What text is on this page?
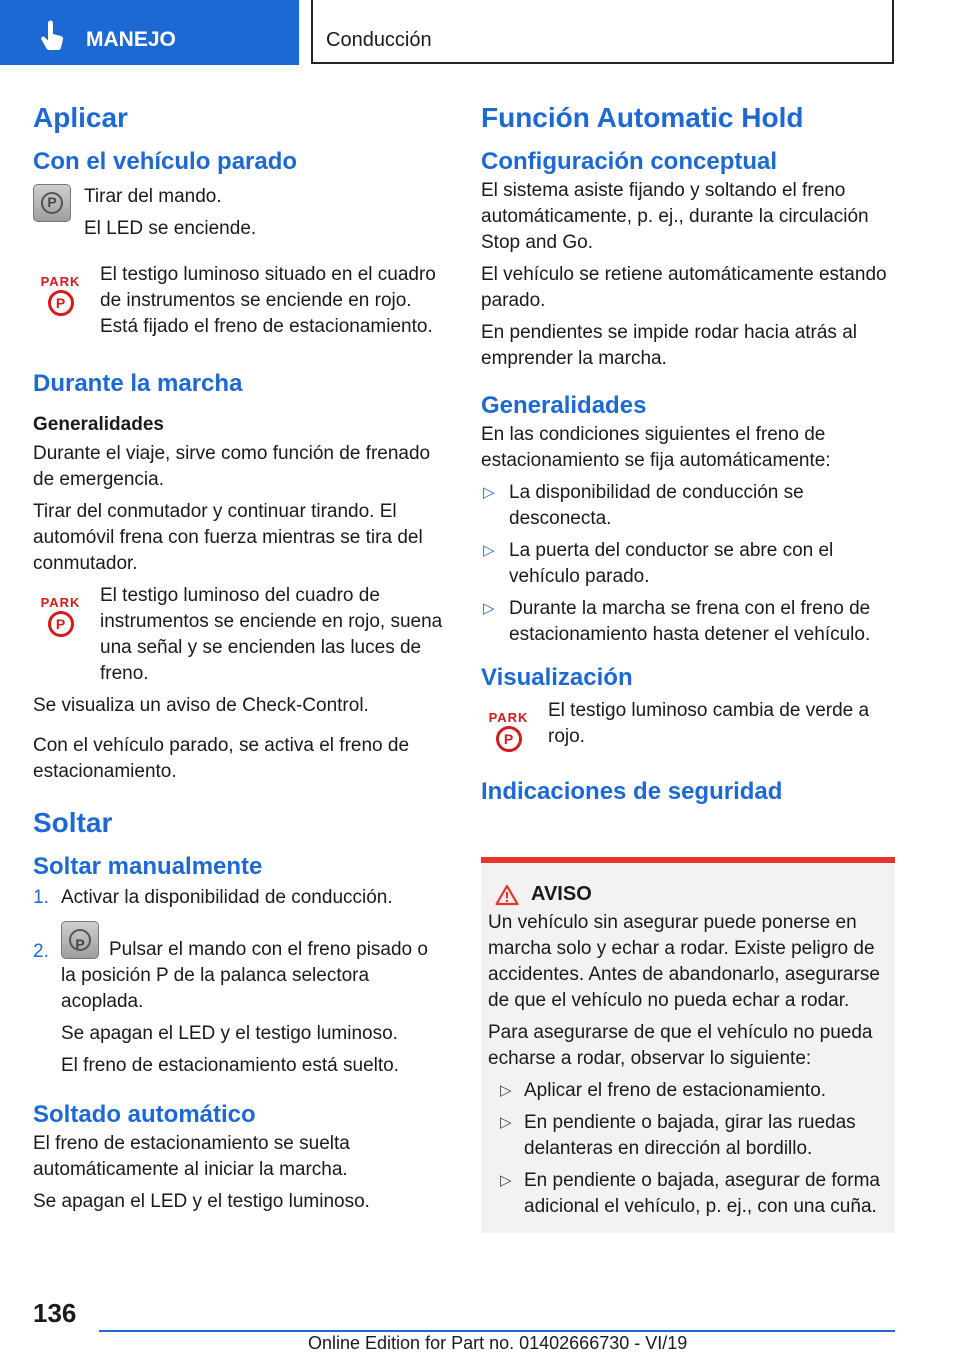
MANEJO	Conducción
Aplicar
Con el vehículo parado
P	Tirar del mando.

El LED se enciende.

PARK
P

El testigo luminoso situado en el cuadro de instrumentos se enciende en rojo. Está fijado el freno de estacionamiento.

Durante la marcha
Generalidades

Durante el viaje, sirve como función de frenado de emergencia.

Tirar del conmutador y continuar tirando. El automóvil frena con fuerza mientras se tira del conmutador.

PARK
P

El testigo luminoso del cuadro de instrumentos se enciende en rojo, suena una señal y se encienden las luces de freno.

Se visualiza un aviso de Check-Control.

Con el vehículo parado, se activa el freno de estacionamiento.

Soltar
Soltar manualmente
1. Activar la disponibilidad de conducción.
2.	P	Pulsar el mando con el freno pisado o la posición P de la palanca selectora acoplada.

Se apagan el LED y el testigo luminoso.

El freno de estacionamiento está suelto.

Soltado automático

El freno de estacionamiento se suelta automáticamente al iniciar la marcha.

Se apagan el LED y el testigo luminoso.

Función Automatic Hold
Configuración conceptual

El sistema asiste fijando y soltando el freno automáticamente, p. ej., durante la circulación Stop and Go.

El vehículo se retiene automáticamente estando parado.

En pendientes se impide rodar hacia atrás al emprender la marcha.

Generalidades

En las condiciones siguientes el freno de estacionamiento se fija automáticamente:

▷ La disponibilidad de conducción se desconecta.
▷ La puerta del conductor se abre con el vehículo parado.
▷ Durante la marcha se frena con el freno de estacionamiento hasta detener el vehículo.
Visualización
PARK
P

El testigo luminoso cambia de verde a rojo.

Indicaciones de seguridad
AVISO

Un vehículo sin asegurar puede ponerse en marcha solo y echar a rodar. Existe peligro de accidentes. Antes de abandonarlo, asegurarse de que el vehículo no pueda echar a rodar.

Para asegurarse de que el vehículo no pueda echarse a rodar, observar lo siguiente:

▷ Aplicar el freno de estacionamiento.
▷ En pendiente o bajada, girar las ruedas delanteras en dirección al bordillo.
▷ En pendiente o bajada, asegurar de forma adicional el vehículo, p. ej., con una cuña.
136
Online Edition for Part no. 01402666730 - VI/19
